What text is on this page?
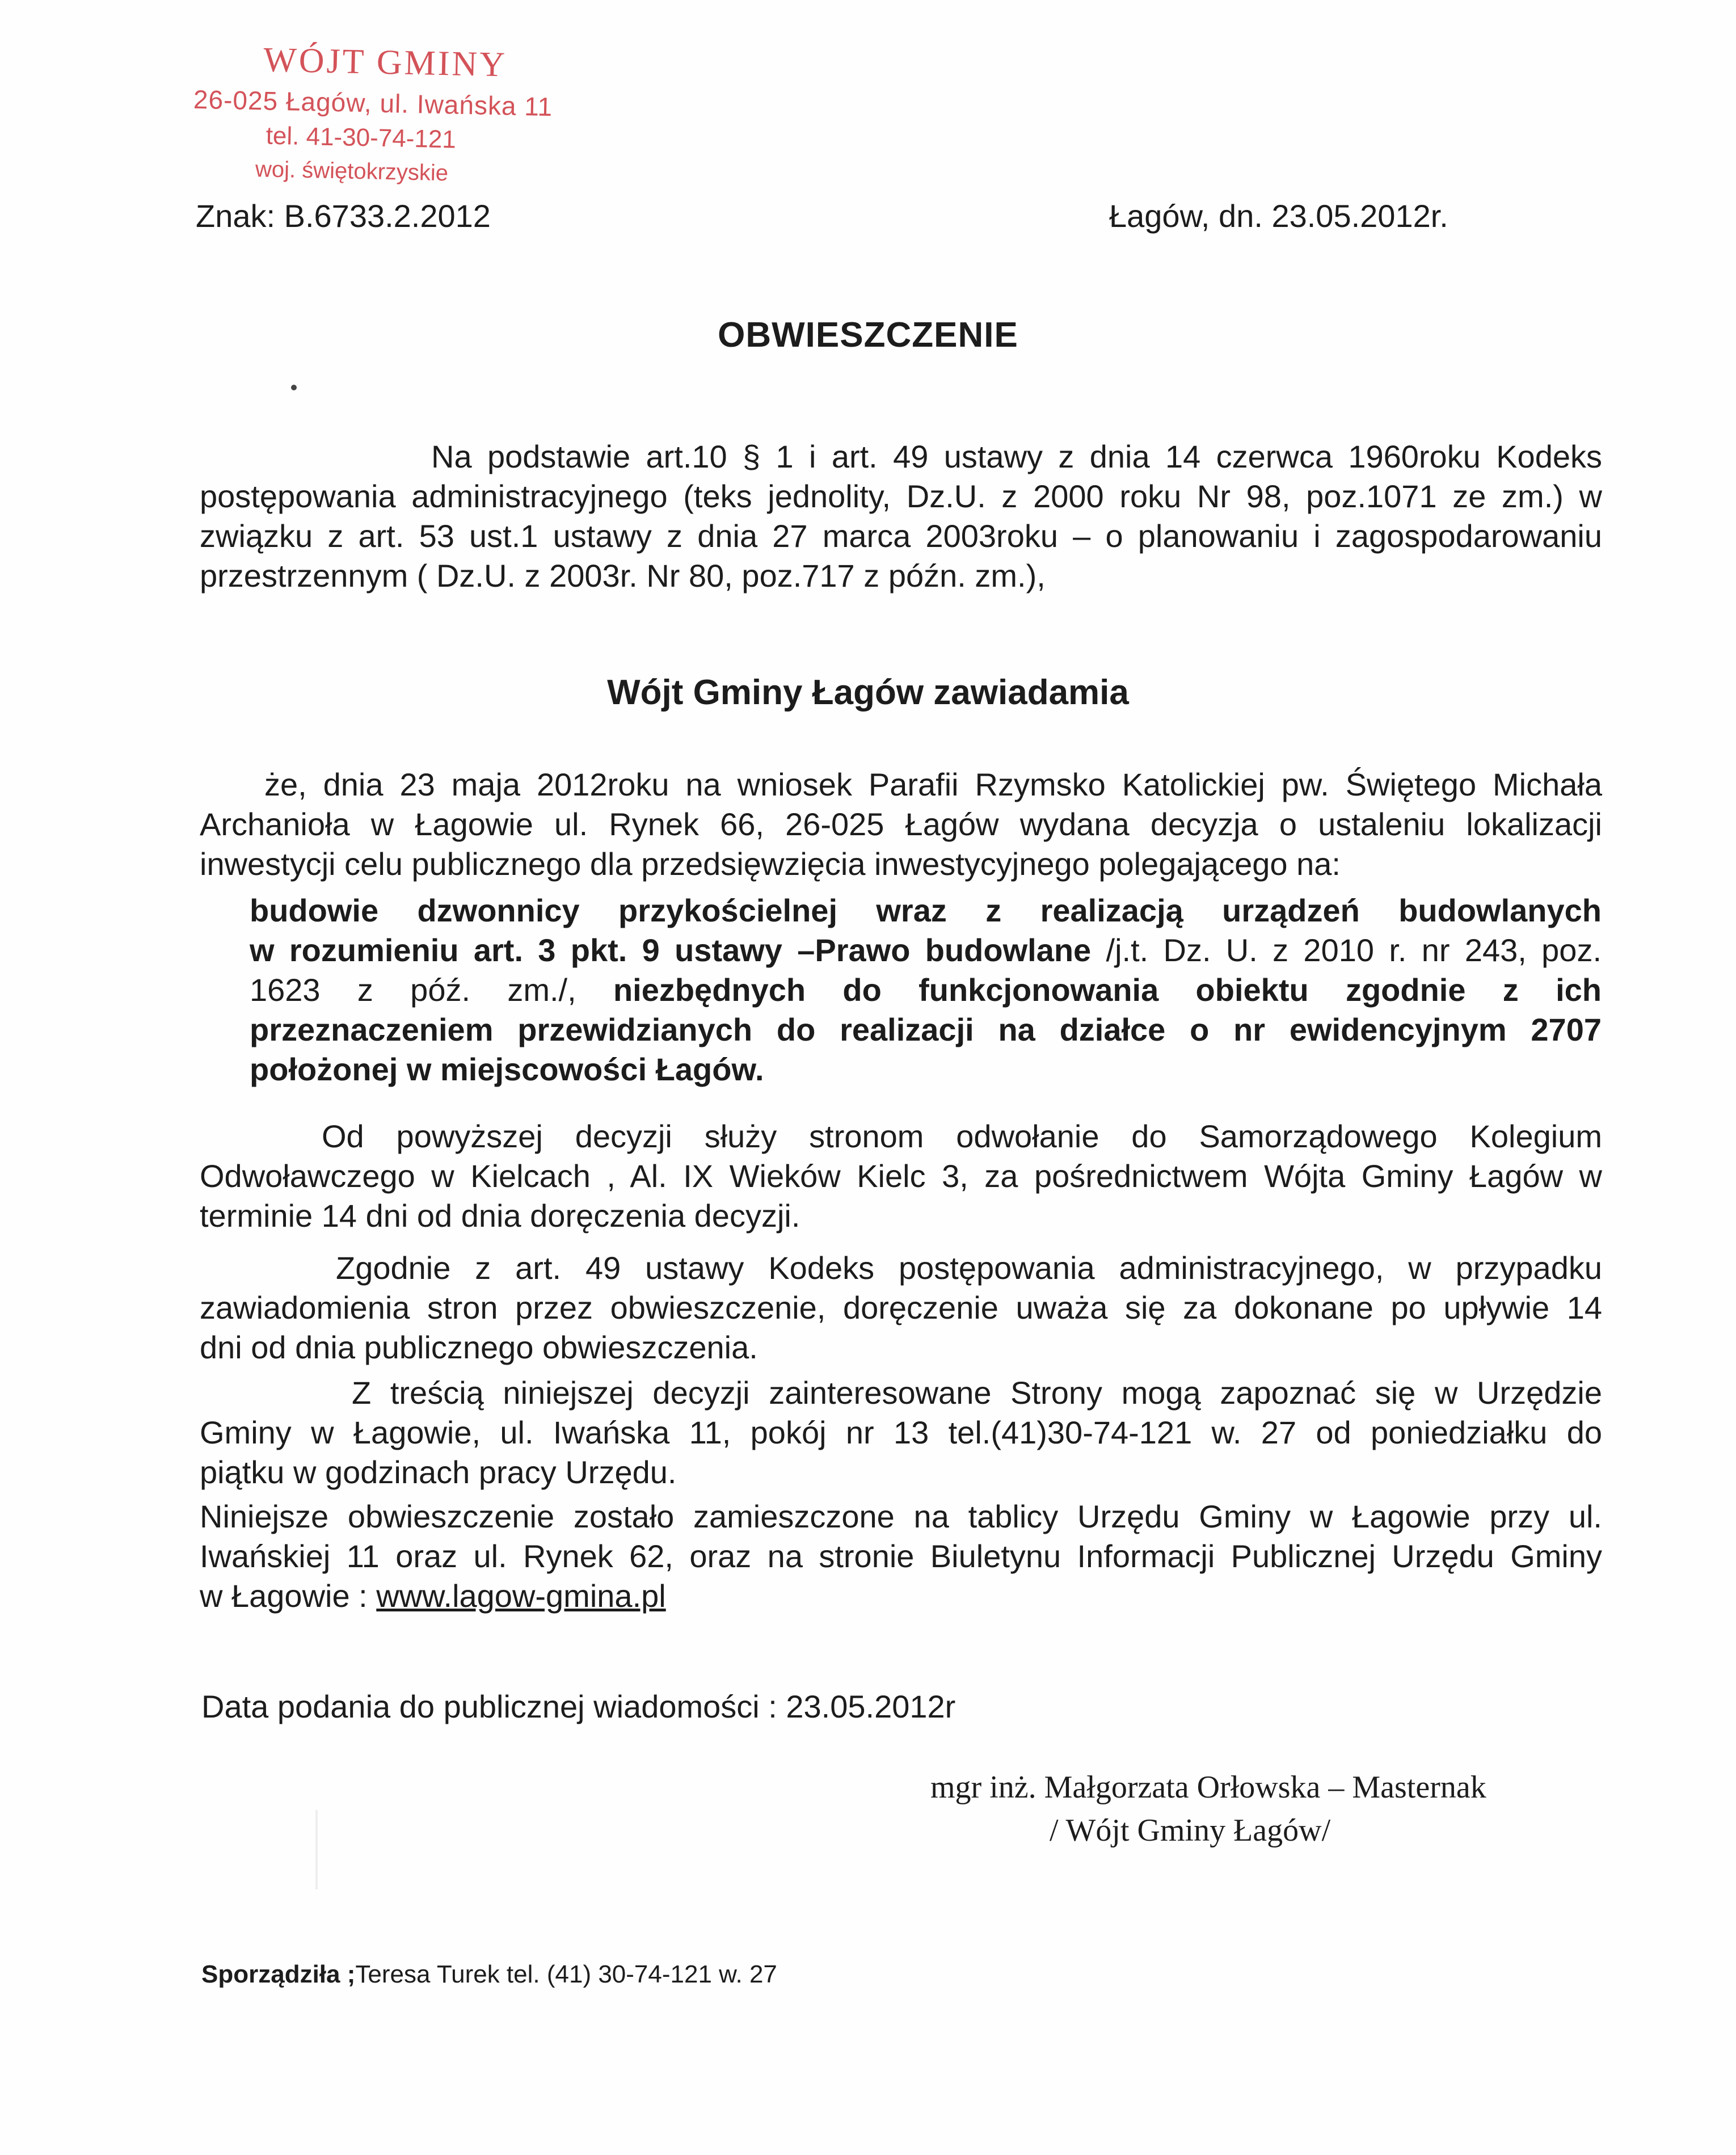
WÓJT GMINY
26-025 Łagów, ul. Iwańska 11
tel. 41-30-74-121
woj. świętokrzyskie
Znak: B.6733.2.2012	Łagów, dn. 23.05.2012r.
OBWIESZCZENIE
Na podstawie art.10 § 1 i art. 49 ustawy z dnia 14 czerwca 1960roku Kodeks
postępowania administracyjnego (teks jednolity, Dz.U. z 2000 roku Nr 98, poz.1071 ze zm.) w
związku z art. 53 ust.1 ustawy z dnia 27 marca 2003roku – o planowaniu i zagospodarowaniu
przestrzennym ( Dz.U. z 2003r. Nr 80, poz.717 z późn. zm.),
Wójt Gminy Łagów zawiadamia
że, dnia 23 maja 2012roku na wniosek Parafii Rzymsko Katolickiej pw. Świętego Michała
Archanioła w Łagowie ul. Rynek 66, 26-025 Łagów wydana decyzja o ustaleniu lokalizacji
inwestycji celu publicznego dla przedsięwzięcia inwestycyjnego polegającego na:
budowie dzwonnicy przykościelnej wraz z realizacją urządzeń budowlanych
w rozumieniu art. 3 pkt. 9 ustawy –Prawo budowlane /j.t. Dz. U. z 2010 r. nr 243, poz.
1623 z póź. zm./, niezbędnych do funkcjonowania obiektu zgodnie z ich
przeznaczeniem przewidzianych do realizacji na działce o nr ewidencyjnym 2707
położonej w miejscowości Łagów.
Od powyższej decyzji służy stronom odwołanie do Samorządowego Kolegium
Odwoławczego w Kielcach , Al. IX Wieków Kielc 3, za pośrednictwem Wójta Gminy Łagów w
terminie 14 dni od dnia doręczenia decyzji.
Zgodnie z art. 49 ustawy Kodeks postępowania administracyjnego, w przypadku
zawiadomienia stron przez obwieszczenie, doręczenie uważa się za dokonane po upływie 14
dni od dnia publicznego obwieszczenia.
Z treścią niniejszej decyzji zainteresowane Strony mogą zapoznać się w Urzędzie
Gminy w Łagowie, ul. Iwańska 11, pokój nr 13 tel.(41)30-74-121 w. 27 od poniedziałku do
piątku w godzinach pracy Urzędu.
Niniejsze obwieszczenie zostało zamieszczone na tablicy Urzędu Gminy w Łagowie przy ul.
Iwańskiej 11 oraz ul. Rynek 62, oraz na stronie Biuletynu Informacji Publicznej Urzędu Gminy
w Łagowie : www.lagow-gmina.pl
Data podania do publicznej wiadomości : 23.05.2012r
mgr inż. Małgorzata Orłowska – Masternak
/ Wójt Gminy Łagów/
Sporządziła ;Teresa Turek tel. (41) 30-74-121 w. 27
